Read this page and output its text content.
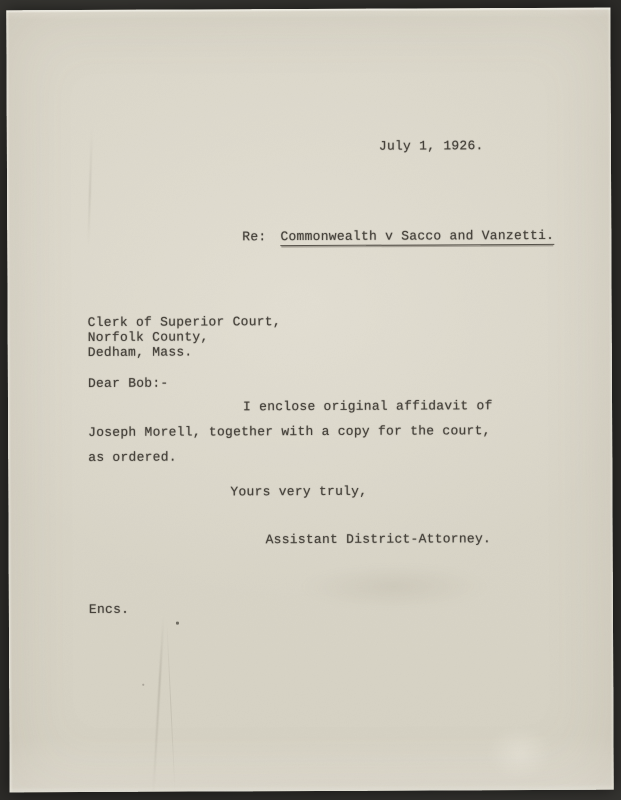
July 1, 1926.
Re: Commonwealth v Sacco and Vanzetti.
Clerk of Superior Court,
Norfolk County,
Dedham, Mass.
Dear Bob:-
I enclose original affidavit of
Joseph Morell, together with a copy for the court,
as ordered.
Yours very truly,
Assistant District-Attorney.
Encs.
